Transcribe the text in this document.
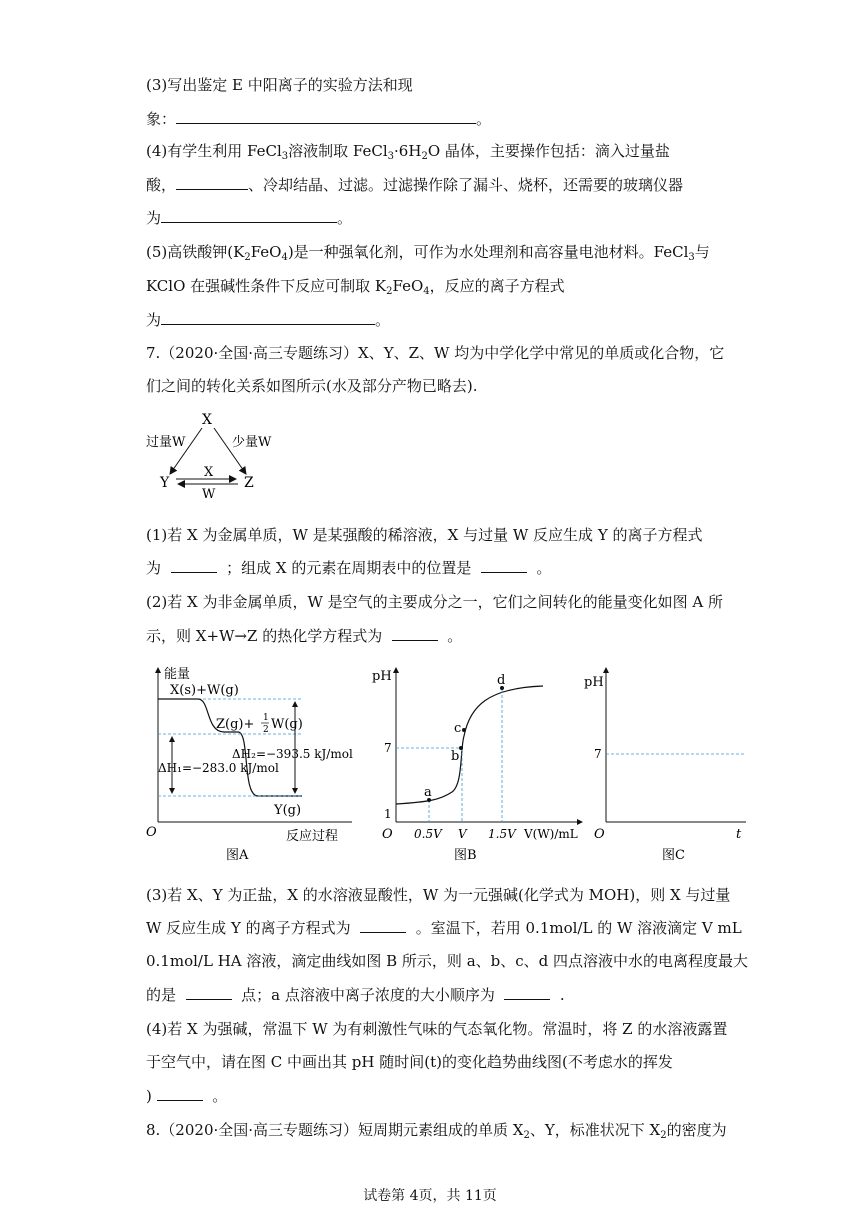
(3)写出鉴定 E 中阳离子的实验方法和现
象：	。
(4)有学生利用 FeCl$_3$溶液制取 $FeCl_3\cdot 6H_2O$ 晶体，主要操作包括：滴入过量盐
酸，	、冷却结晶、过滤。过滤操作除了漏斗、烧杯，还需要的玻璃仪器
为	。
(5)高铁酸钾$(K_2FeO_4)$是一种强氧化剂，可作为水处理剂和高容量电池材料。FeCl$_3$与
KClO 在强碱性条件下反应可制取 $K_2FeO_4$，反应的离子方程式
为	。
7.（2020·全国·高三专题练习）X、Y、Z、W 均为中学化学中常见的单质或化合物，它
们之间的转化关系如图所示(水及部分产物已略去).
X
过量W	少量W
Y	Z
X
W
(1)若 X 为金属单质，W 是某强酸的稀溶液，X 与过量 W 反应生成 Y 的离子方程式
为	；组成 X 的元素在周期表中的位置是	。
(2)若 X 为非金属单质，W 是空气的主要成分之一，它们之间转化的能量变化如图 A 所
示，则 X+W→Z 的热化学方程式为	。
能量
X(s)+W(g)
Z(g)+ 1
2 W(g)
ΔH₂=−393.5 kJ/mol
ΔH₁=−283.0 kJ/mol
Y(g)
O	反应过程
图A
pH
a
b
c
d
7
1
O 0.5V V 1.5V V(W)/mL
图B
pH
7
O	t
图C
(3)若 X、Y 为正盐，X 的水溶液显酸性，W 为一元强碱(化学式为 MOH)，则 X 与过量
W 反应生成 Y 的离子方程式为	。室温下，若用 0.1mol/L 的 W 溶液滴定 V mL
0.1mol/L HA 溶液，滴定曲线如图 B 所示，则 a、b、c、d 四点溶液中水的电离程度最大
的是	点；a 点溶液中离子浓度的大小顺序为	.
(4)若 X 为强碱，常温下 W 为有刺激性气味的气态氧化物。常温时，将 Z 的水溶液露置
于空气中，请在图 C 中画出其 pH 随时间(t)的变化趋势曲线图(不考虑水的挥发
)	。
8.（2020·全国·高三专题练习）短周期元素组成的单质 $X_2$、Y，标准状况下 $X_2$的密度为
试卷第 4页，共 11页
